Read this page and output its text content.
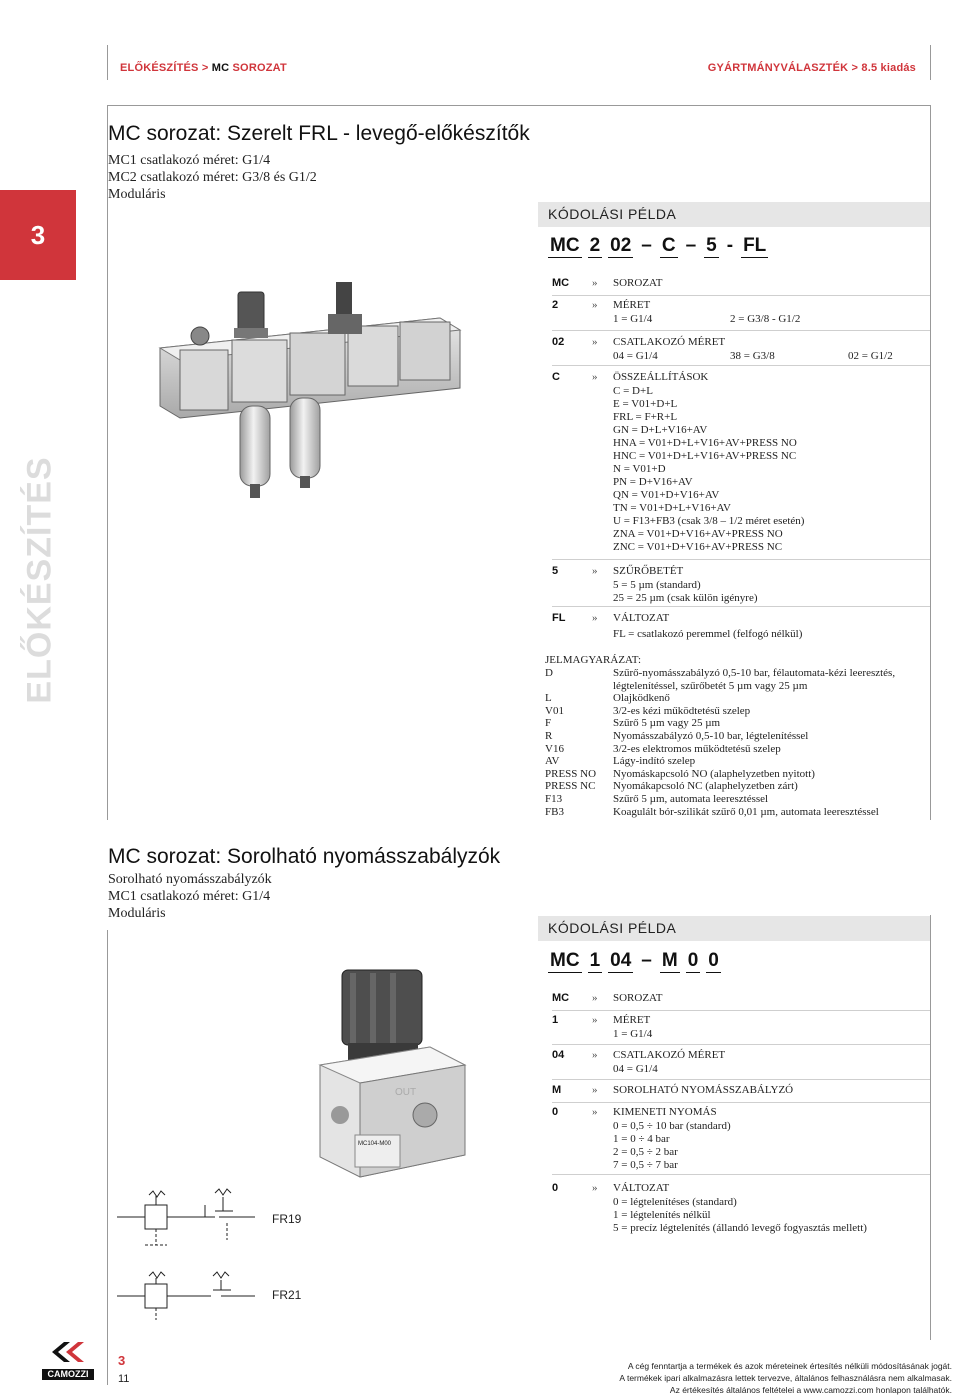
ELŐKÉSZÍTÉS > MC SOROZAT	GYÁRTMÁNYVÁLASZTÉK > 8.5 kiadás
3
ELŐKÉSZÍTÉS
MC sorozat: Szerelt FRL - levegő-előkészítők
MC1 csatlakozó méret: G1/4
MC2 csatlakozó méret: G3/8 és G1/2
Moduláris
KÓDOLÁSI PÉLDA
MC 2 02 – C – 5 - FL
MC » SOROZAT
2	» MÉRET
1 = G1/4	2 = G3/8 - G1/2
02	» CSATLAKOZÓ MÉRET
04 = G1/4	38 = G3/8	02 = G1/2
C	» ÖSSZEÁLLÍTÁSOK
C = D+L
E = V01+D+L
FRL = F+R+L
GN = D+L+V16+AV
HNA = V01+D+L+V16+AV+PRESS NO
HNC = V01+D+L+V16+AV+PRESS NC
N = V01+D
PN = D+V16+AV
QN = V01+D+V16+AV
TN = V01+D+L+V16+AV
U = F13+FB3 (csak 3/8 – 1/2 méret esetén)
ZNA = V01+D+V16+AV+PRESS NO
ZNC = V01+D+V16+AV+PRESS NC
5	» SZŰRŐBETÉT
5 = 5 µm (standard)
25 = 25 µm (csak külön igényre)
FL » VÁLTOZAT
FL = csatlakozó peremmel (felfogó nélkül)
JELMAGYARÁZAT:
D	Szűrő-nyomásszabályzó 0,5-10 bar, félautomata-kézi leeresztés,
légtelenítéssel, szűrőbetét 5 µm vagy 25 µm
L	Olajködkenő
V01	3/2-es kézi működtetésű szelep
F	Szűrő 5 µm vagy 25 µm
R	Nyomásszabályzó 0,5-10 bar, légtelenítéssel
V16	3/2-es elektromos működtetésű szelep
AV	Lágy-indító szelep
PRESS NO Nyomáskapcsoló NO (alaphelyzetben nyitott)
PRESS NC Nyomákapcsoló NC (alaphelyzetben zárt)
F13	Szűrő 5 µm, automata leeresztéssel
FB3	Koagulált bór-szilikát szűrő 0,01 µm, automata leeresztéssel
MC sorozat: Sorolható nyomásszabályzók
Sorolható nyomásszabályzók
MC1 csatlakozó méret: G1/4
Moduláris
KÓDOLÁSI PÉLDA
MC 1 04 – M 0 0
MC104-M00
OUT
MC » SOROZAT
1	» MÉRET
1 = G1/4
04	» CSATLAKOZÓ MÉRET
04 = G1/4
M	» SOROLHATÓ NYOMÁSSZABÁLYZÓ
0	» KIMENETI NYOMÁS
0 = 0,5 ÷ 10 bar (standard)
1 = 0 ÷ 4 bar
2 = 0,5 ÷ 2 bar
7 = 0,5 ÷ 7 bar
0	» VÁLTOZAT
0 = légtelenítéses (standard)
1 = légtelenítés nélkül
5 = precíz légtelenítés (állandó levegő fogyasztás mellett)
FR19
FR21
CAMOZZI
3
11
A cég fenntartja a termékek és azok méreteinek értesítés nélküli módosításának jogát.
A termékek ipari alkalmazásra lettek tervezve, általános felhasználásra nem alkalmasak.
Az értékesítés általános feltételei a www.camozzi.com honlapon találhatók.
